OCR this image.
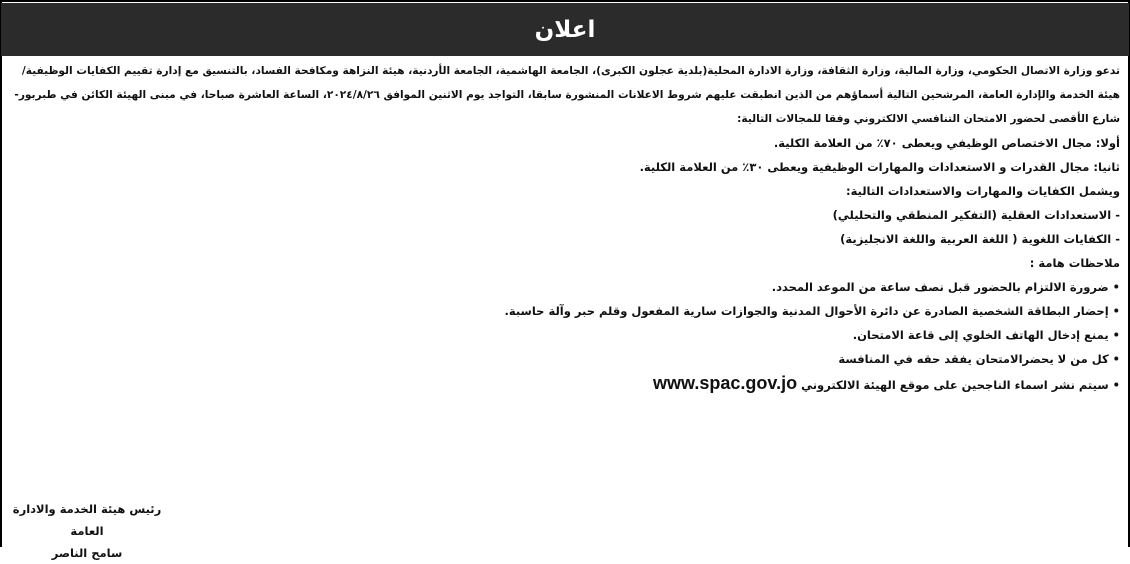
اعلان

تدعو وزارة الاتصال الحكومي، وزارة المالية، وزارة الثقافة، وزارة الادارة المحلية(بلدية عجلون الكبرى)، الجامعة الهاشمية، الجامعة الأردنية، هيئة النزاهة ومكافحة الفساد، بالتنسيق مع إدارة تقييم الكفايات الوظيفية/هيئة الخدمة والإدارة العامة، المرشحين التالية أسماؤهم من الذين انطبقت عليهم شروط الاعلانات المنشورة سابقا، التواجد يوم الاثنين الموافق ٢٠٢٤/٨/٢٦، الساعة العاشرة صباحا، في مبنى الهيئة الكائن في طبربور- شارع الأقصى لحضور الامتحان التنافسي الالكتروني وفقا للمجالات التالية:

أولا: مجال الاختصاص الوظيفي ويعطى ٧٠٪ من العلامة الكلية.

ثانيا: مجال القدرات و الاستعدادات والمهارات الوظيفية ويعطى ٣٠٪ من العلامة الكلية.

ويشمل الكفايات والمهارات والاستعدادات التالية:

- الاستعدادات العقلية (التفكير المنطقي والتحليلي)

- الكفايات اللغوية ( اللغة العربية واللغة الانجليزية)

ملاحظات هامة :

• ضرورة الالتزام بالحضور قبل نصف ساعة من الموعد المحدد.

• إحضار البطاقة الشخصية الصادرة عن دائرة الأحوال المدنية والجوازات سارية المفعول وقلم حبر وآلة حاسبة.

• يمنع إدخال الهاتف الخلوي إلى قاعة الامتحان.

• كل من لا يحضرالامتحان يفقد حقه في المنافسة

• سيتم نشر اسماء الناجحين على موقع الهيئة الالكتروني www.spac.gov.jo

رئيس هيئة الخدمة والادارة العامة
سامح الناصر
